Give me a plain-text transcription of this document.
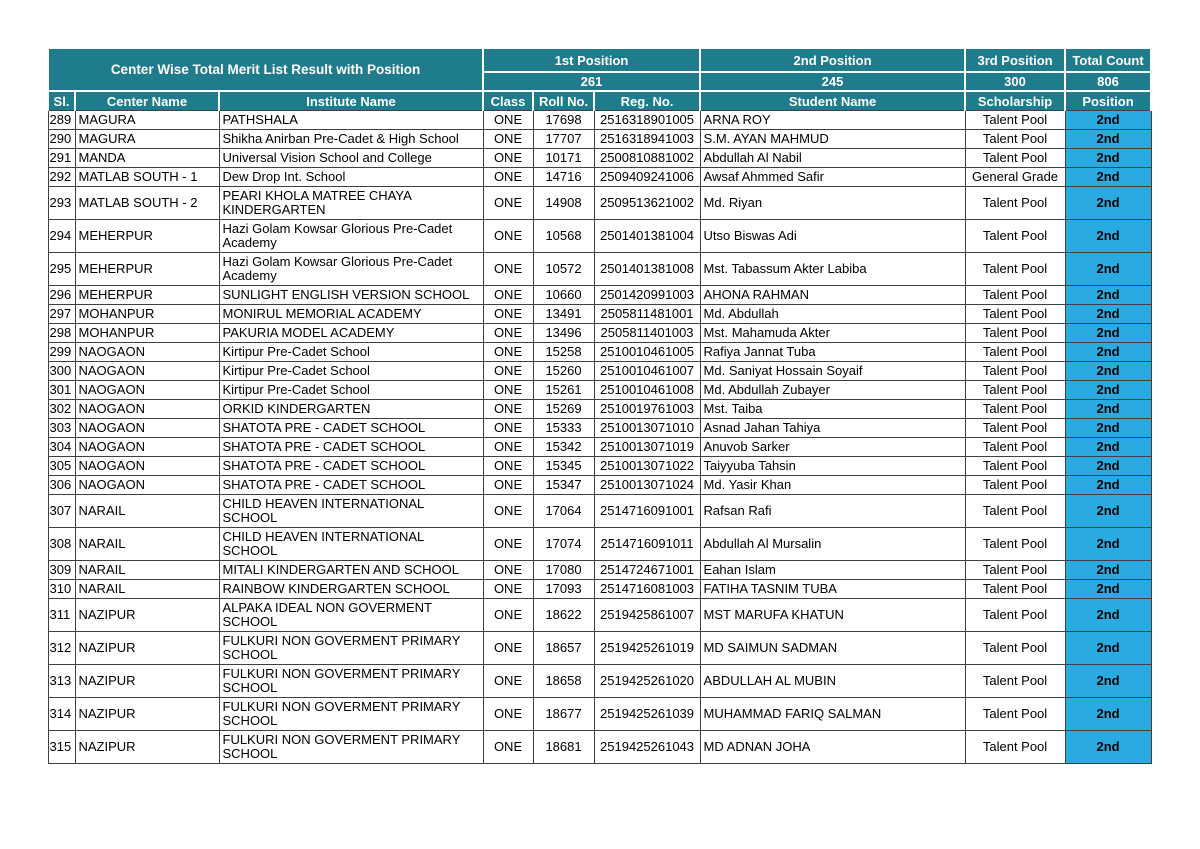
Center Wise Total Merit List Result with Position			1st Position			2nd Position	3rd Position	Total Count
			261			245	300	806
Sl.	Center Name	Institute Name	Class	Roll No.	Reg. No.	Student Name	Scholarship	Position
289	MAGURA	PATHSHALA	ONE	17698	2516318901005	ARNA ROY	Talent Pool	2nd
290	MAGURA	Shikha Anirban Pre-Cadet & High School	ONE	17707	2516318941003	S.M. AYAN MAHMUD	Talent Pool	2nd
291	MANDA	Universal Vision School and College	ONE	10171	2500810881002	Abdullah Al Nabil	Talent Pool	2nd
292	MATLAB SOUTH - 1	Dew Drop Int. School	ONE	14716	2509409241006	Awsaf Ahmmed Safir	General Grade	2nd
293	MATLAB SOUTH - 2	PEARI KHOLA MATREE CHAYA KINDERGARTEN	ONE	14908	2509513621002	Md. Riyan	Talent Pool	2nd
294	MEHERPUR	Hazi Golam Kowsar Glorious Pre-Cadet Academy	ONE	10568	2501401381004	Utso Biswas Adi	Talent Pool	2nd
295	MEHERPUR	Hazi Golam Kowsar Glorious Pre-Cadet Academy	ONE	10572	2501401381008	Mst. Tabassum Akter Labiba	Talent Pool	2nd
296	MEHERPUR	SUNLIGHT ENGLISH VERSION SCHOOL	ONE	10660	2501420991003	AHONA RAHMAN	Talent Pool	2nd
297	MOHANPUR	MONIRUL MEMORIAL ACADEMY	ONE	13491	2505811481001	Md. Abdullah	Talent Pool	2nd
298	MOHANPUR	PAKURIA MODEL ACADEMY	ONE	13496	2505811401003	Mst. Mahamuda Akter	Talent Pool	2nd
299	NAOGAON	Kirtipur Pre-Cadet School	ONE	15258	2510010461005	Rafiya Jannat Tuba	Talent Pool	2nd
300	NAOGAON	Kirtipur Pre-Cadet School	ONE	15260	2510010461007	Md. Saniyat Hossain Soyaif	Talent Pool	2nd
301	NAOGAON	Kirtipur Pre-Cadet School	ONE	15261	2510010461008	Md. Abdullah Zubayer	Talent Pool	2nd
302	NAOGAON	ORKID KINDERGARTEN	ONE	15269	2510019761003	Mst. Taiba	Talent Pool	2nd
303	NAOGAON	SHATOTA PRE - CADET SCHOOL	ONE	15333	2510013071010	Asnad Jahan Tahiya	Talent Pool	2nd
304	NAOGAON	SHATOTA PRE - CADET SCHOOL	ONE	15342	2510013071019	Anuvob Sarker	Talent Pool	2nd
305	NAOGAON	SHATOTA PRE - CADET SCHOOL	ONE	15345	2510013071022	Taiyyuba Tahsin	Talent Pool	2nd
306	NAOGAON	SHATOTA PRE - CADET SCHOOL	ONE	15347	2510013071024	Md. Yasir Khan	Talent Pool	2nd
307	NARAIL	CHILD HEAVEN INTERNATIONAL SCHOOL	ONE	17064	2514716091001	Rafsan Rafi	Talent Pool	2nd
308	NARAIL	CHILD HEAVEN INTERNATIONAL SCHOOL	ONE	17074	2514716091011	Abdullah Al Mursalin	Talent Pool	2nd
309	NARAIL	MITALI KINDERGARTEN AND SCHOOL	ONE	17080	2514724671001	Eahan Islam	Talent Pool	2nd
310	NARAIL	RAINBOW KINDERGARTEN SCHOOL	ONE	17093	2514716081003	FATIHA TASNIM TUBA	Talent Pool	2nd
311	NAZIPUR	ALPAKA IDEAL NON GOVERMENT SCHOOL	ONE	18622	2519425861007	MST MARUFA KHATUN	Talent Pool	2nd
312	NAZIPUR	FULKURI NON GOVERMENT PRIMARY SCHOOL	ONE	18657	2519425261019	MD SAIMUN SADMAN	Talent Pool	2nd
313	NAZIPUR	FULKURI NON GOVERMENT PRIMARY SCHOOL	ONE	18658	2519425261020	ABDULLAH AL MUBIN	Talent Pool	2nd
314	NAZIPUR	FULKURI NON GOVERMENT PRIMARY SCHOOL	ONE	18677	2519425261039	MUHAMMAD FARIQ SALMAN	Talent Pool	2nd
315	NAZIPUR	FULKURI NON GOVERMENT PRIMARY SCHOOL	ONE	18681	2519425261043	MD ADNAN JOHA	Talent Pool	2nd
